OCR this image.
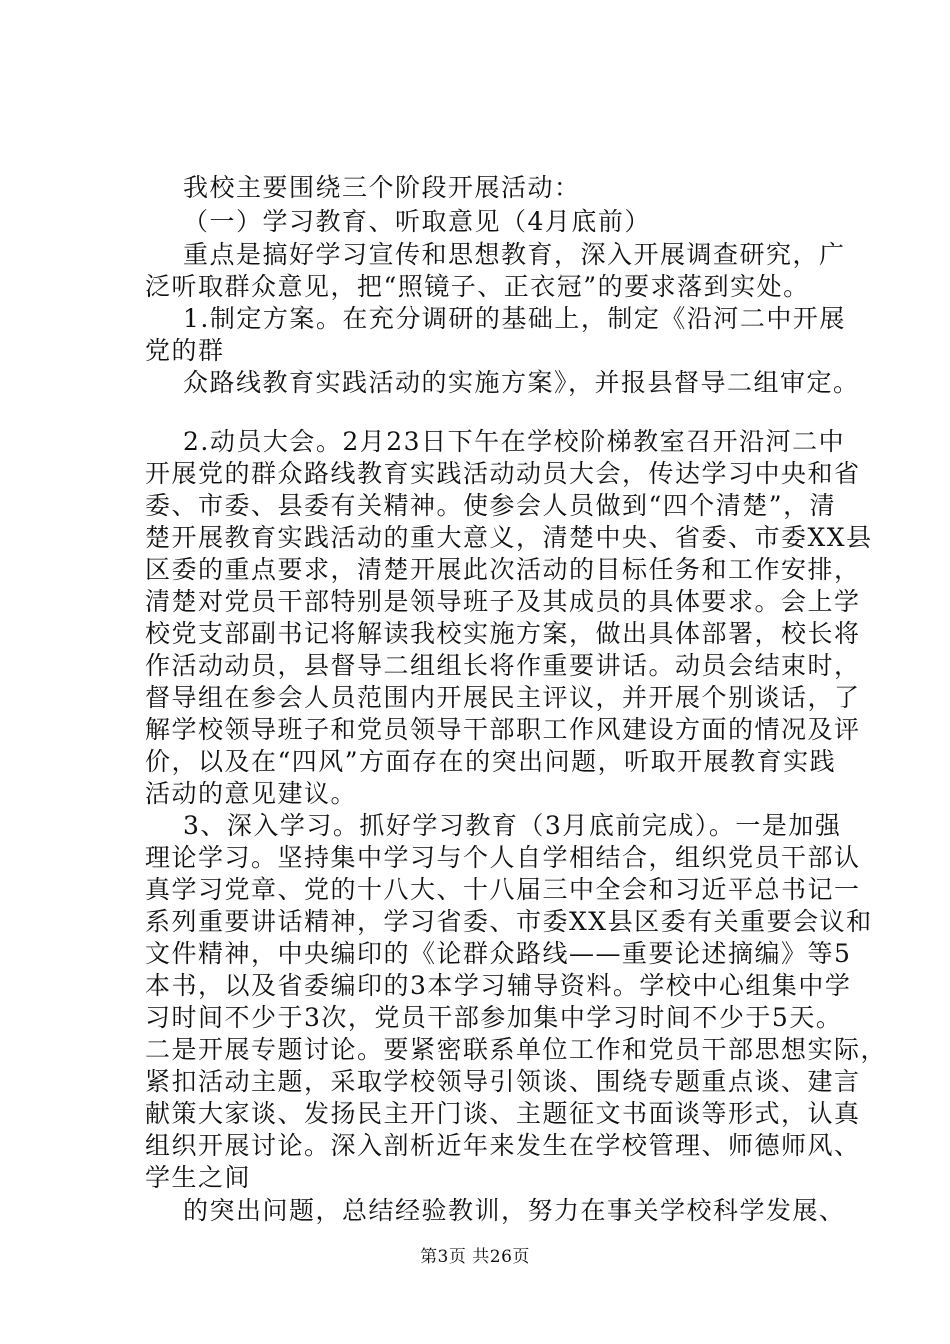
我校主要围绕三个阶段开展活动：
（一）学习教育、听取意见（4月底前）
重点是搞好学习宣传和思想教育，深入开展调查研究，广
泛听取群众意见，把“照镜子、正衣冠”的要求落到实处。
1.制定方案。在充分调研的基础上，制定《沿河二中开展
党的群
众路线教育实践活动的实施方案》，并报县督导二组审定。
2.动员大会。2月23日下午在学校阶梯教室召开沿河二中
开展党的群众路线教育实践活动动员大会，传达学习中央和省
委、市委、县委有关精神。使参会人员做到“四个清楚”，清
楚开展教育实践活动的重大意义，清楚中央、省委、市委XX县
区委的重点要求，清楚开展此次活动的目标任务和工作安排，
清楚对党员干部特别是领导班子及其成员的具体要求。会上学
校党支部副书记将解读我校实施方案，做出具体部署，校长将
作活动动员，县督导二组组长将作重要讲话。动员会结束时，
督导组在参会人员范围内开展民主评议，并开展个别谈话，了
解学校领导班子和党员领导干部职工作风建设方面的情况及评
价，以及在“四风”方面存在的突出问题，听取开展教育实践
活动的意见建议。
3、深入学习。抓好学习教育（3月底前完成）。一是加强
理论学习。坚持集中学习与个人自学相结合，组织党员干部认
真学习党章、党的十八大、十八届三中全会和习近平总书记一
系列重要讲话精神，学习省委、市委XX县区委有关重要会议和
文件精神，中央编印的《论群众路线——重要论述摘编》等5
本书，以及省委编印的3本学习辅导资料。学校中心组集中学
习时间不少于3次，党员干部参加集中学习时间不少于5天。
二是开展专题讨论。要紧密联系单位工作和党员干部思想实际，
紧扣活动主题，采取学校领导引领谈、围绕专题重点谈、建言
献策大家谈、发扬民主开门谈、主题征文书面谈等形式，认真
组织开展讨论。深入剖析近年来发生在学校管理、师德师风、
学生之间
的突出问题，总结经验教训，努力在事关学校科学发展、
第3页 共26页
